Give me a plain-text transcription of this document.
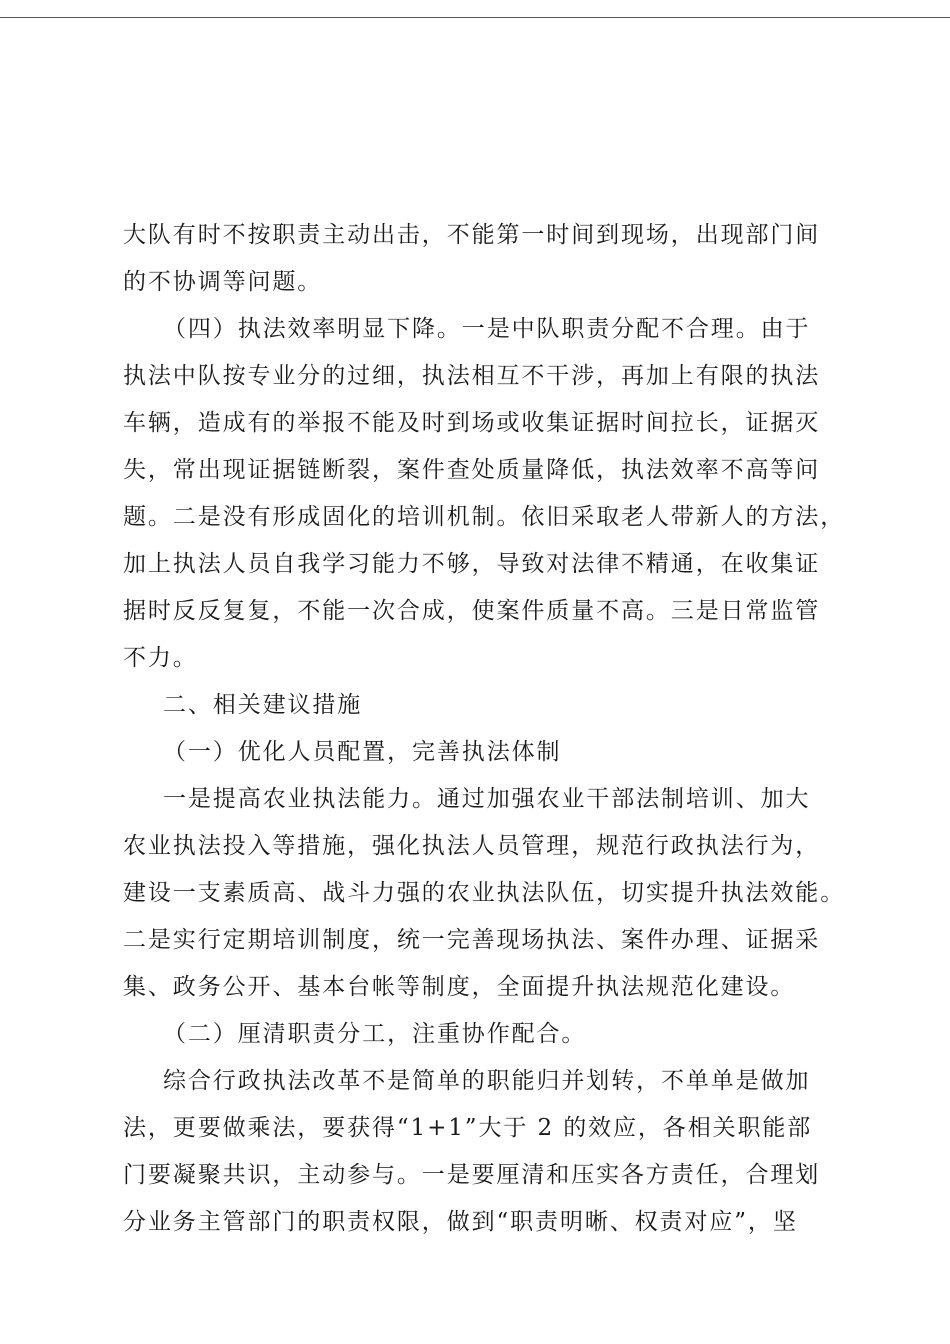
大队有时不按职责主动出击，不能第一时间到现场，出现部门间
的不协调等问题。
（四）执法效率明显下降。一是中队职责分配不合理。由于
执法中队按专业分的过细，执法相互不干涉，再加上有限的执法
车辆，造成有的举报不能及时到场或收集证据时间拉长，证据灭
失，常出现证据链断裂，案件查处质量降低，执法效率不高等问
题。二是没有形成固化的培训机制。依旧采取老人带新人的方法，
加上执法人员自我学习能力不够，导致对法律不精通，在收集证
据时反反复复，不能一次合成，使案件质量不高。三是日常监管
不力。
二、相关建议措施
（一）优化人员配置，完善执法体制
一是提高农业执法能力。通过加强农业干部法制培训、加大
农业执法投入等措施，强化执法人员管理，规范行政执法行为，
建设一支素质高、战斗力强的农业执法队伍，切实提升执法效能。
二是实行定期培训制度，统一完善现场执法、案件办理、证据采
集、政务公开、基本台帐等制度，全面提升执法规范化建设。
（二）厘清职责分工，注重协作配合。
综合行政执法改革不是简单的职能归并划转，不单单是做加
法，更要做乘法，要获得“1+1”大于 2 的效应，各相关职能部
门要凝聚共识，主动参与。一是要厘清和压实各方责任，合理划
分业务主管部门的职责权限，做到“职责明晰、权责对应”，坚
